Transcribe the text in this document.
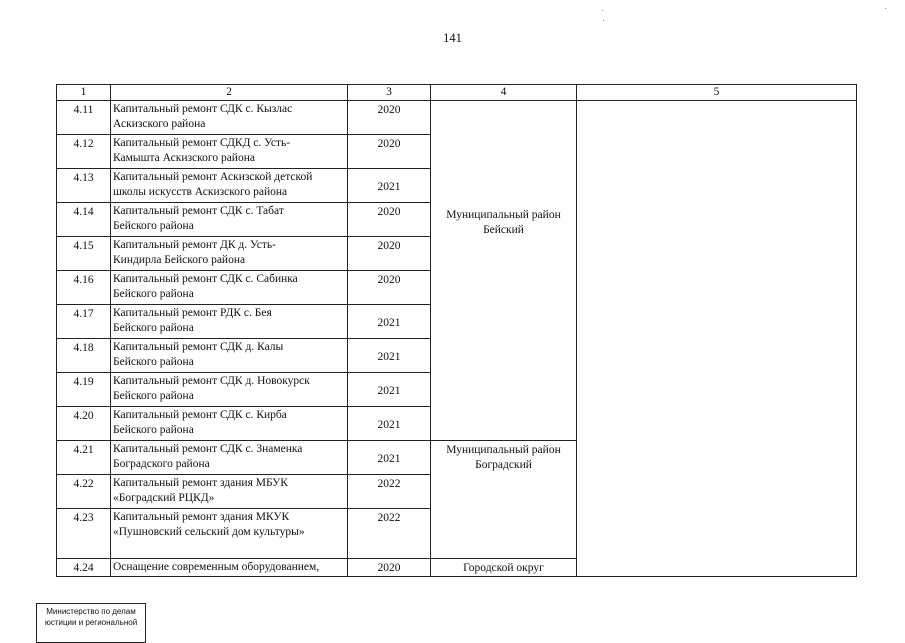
141
1	2	3	4	5
4.11	Капитальный ремонт СДК с. Кызлас
Аскизского района	2020	Муниципальный район
Бейский	

4.12	Капитальный ремонт СДКД с. Усть-
Камышта Аскизского района	2020		
4.13	Капитальный ремонт Аскизской детской
школы искусств Аскизского района	2021		
4.14	Капитальный ремонт СДК с. Табат
Бейского района	2020		
4.15	Капитальный ремонт ДК д. Усть-
Киндирла Бейского района	2020		
4.16	Капитальный ремонт СДК с. Сабинка
Бейского района	2020		
4.17	Капитальный ремонт РДК с. Бея
Бейского района	2021		
4.18	Капитальный ремонт СДК д. Калы
Бейского района	2021		
4.19	Капитальный ремонт СДК д. Новокурск
Бейского района	2021		
4.20	Капитальный ремонт СДК с. Кирба
Бейского района	2021		
4.21	Капитальный ремонт СДК с. Знаменка
Боградского района	2021	Муниципальный район
Боградский	

4.22	Капитальный ремонт здания МБУК
«Боградский РЦКД»	2022		
4.23	Капитальный ремонт здания МКУК
«Пушновский сельский дом культуры»	2022		
4.24	Оснащение современным оборудованием,	2020	Городской округ	
Министерство по делам
юстиции и региональной
